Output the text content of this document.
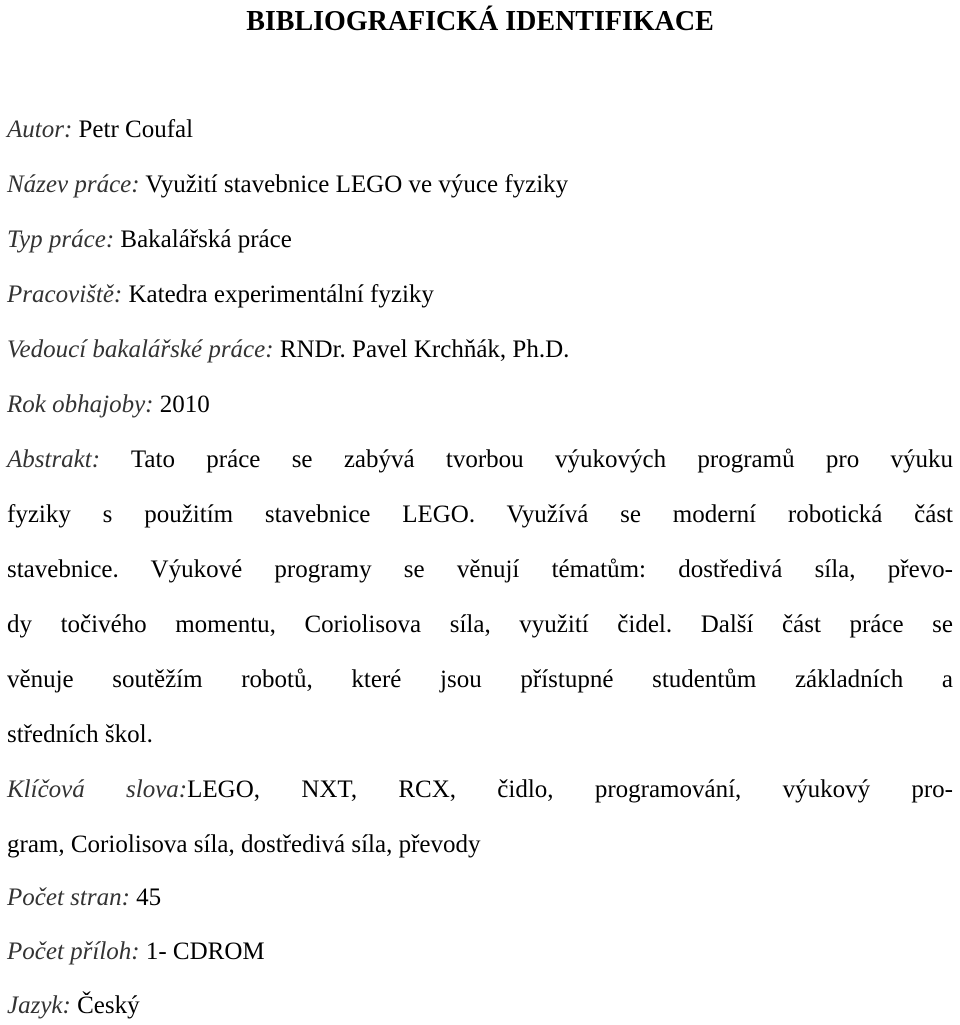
BIBLIOGRAFICKÁ IDENTIFIKACE
Autor: Petr Coufal
Název práce: Využití stavebnice LEGO ve výuce fyziky
Typ práce: Bakalářská práce
Pracoviště: Katedra experimentální fyziky
Vedoucí bakalářské práce: RNDr. Pavel Krchňák, Ph.D.
Rok obhajoby: 2010
Abstrakt: Tato práce se zabývá tvorbou výukových programů pro výuku
fyziky s použitím stavebnice LEGO. Využívá se moderní robotická část
stavebnice. Výukové programy se věnují tématům: dostředivá síla, převo-
dy točivého momentu, Coriolisova síla, využití čidel. Další část práce se
věnuje soutěžím robotů, které jsou přístupné studentům základních a
středních škol.
Klíčová slova:LEGO, NXT, RCX, čidlo, programování, výukový pro-
gram, Coriolisova síla, dostředivá síla, převody
Počet stran: 45
Počet příloh: 1- CDROM
Jazyk: Český
